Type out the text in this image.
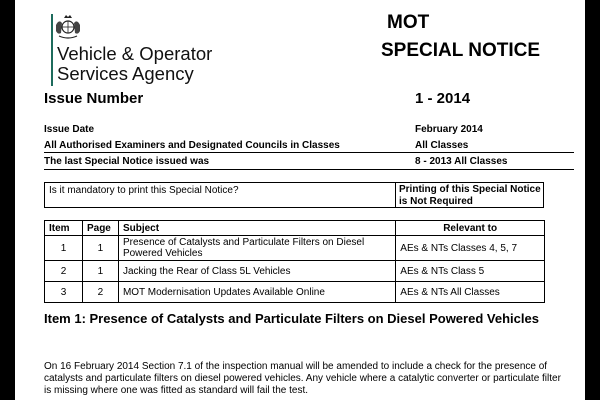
Vehicle & Operator
Services Agency
MOT
SPECIAL NOTICE
Issue Number	1 - 2014
Issue Date	February 2014
All Authorised Examiners and Designated Councils in Classes	All Classes
The last Special Notice issued was	8 - 2013 All Classes
Is it mandatory to print this Special Notice?	Printing of this Special Notice
is Not Required
Item	Page	Subject	Relevant to
1	1	Presence of Catalysts and Particulate Filters on Diesel Powered Vehicles	AEs & NTs Classes 4, 5, 7
2	1	Jacking the Rear of Class 5L Vehicles	AEs & NTs Class 5
3	2	MOT Modernisation Updates Available Online	AEs & NTs All Classes
Item 1: Presence of Catalysts and Particulate Filters on Diesel Powered Vehicles
On 16 February 2014 Section 7.1 of the inspection manual will be amended to include a check for the presence of catalysts and particulate filters on diesel powered vehicles. Any vehicle where a catalytic converter or particulate filter is missing where one was fitted as standard will fail the test.
